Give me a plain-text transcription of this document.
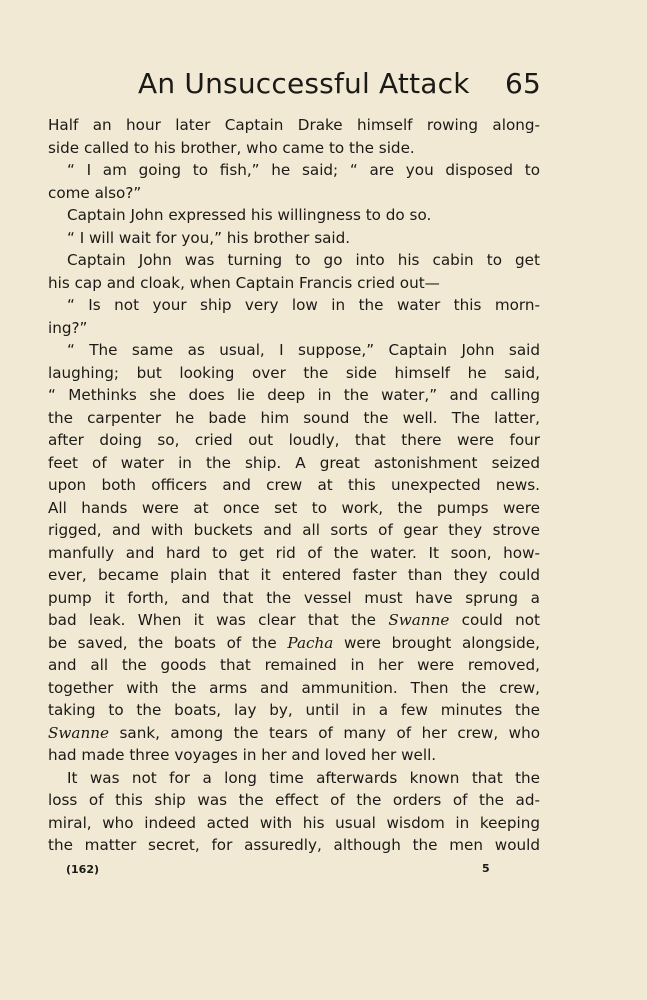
An Unsuccessful Attack 65
Half an hour later Captain Drake himself rowing along-
side called to his brother, who came to the side.
“ I am going to fish,” he said; “ are you disposed to
come also?”
Captain John expressed his willingness to do so.
“ I will wait for you,” his brother said.
Captain John was turning to go into his cabin to get
his cap and cloak, when Captain Francis cried out—
“ Is not your ship very low in the water this morn-
ing?”
“ The same as usual, I suppose,” Captain John said
laughing; but looking over the side himself he said,
“ Methinks she does lie deep in the water,” and calling
the carpenter he bade him sound the well. The latter,
after doing so, cried out loudly, that there were four
feet of water in the ship. A great astonishment seized
upon both officers and crew at this unexpected news.
All hands were at once set to work, the pumps were
rigged, and with buckets and all sorts of gear they strove
manfully and hard to get rid of the water. It soon, how-
ever, became plain that it entered faster than they could
pump it forth, and that the vessel must have sprung a
bad leak. When it was clear that the Swanne could not
be saved, the boats of the Pacha were brought alongside,
and all the goods that remained in her were removed,
together with the arms and ammunition. Then the crew,
taking to the boats, lay by, until in a few minutes the
Swanne sank, among the tears of many of her crew, who
had made three voyages in her and loved her well.
It was not for a long time afterwards known that the
loss of this ship was the effect of the orders of the ad-
miral, who indeed acted with his usual wisdom in keeping
the matter secret, for assuredly, although the men would
(162)	5
